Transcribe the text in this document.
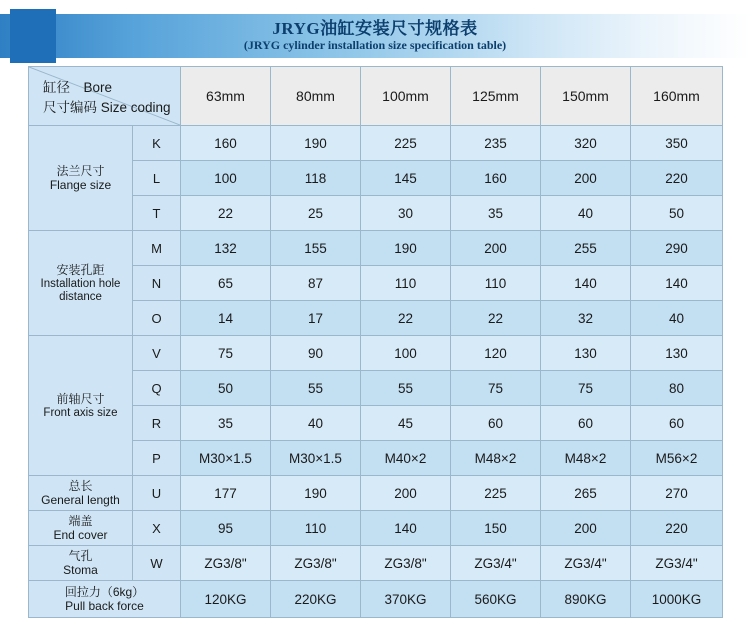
JRYG油缸安装尺寸规格表
(JRYG cylinder installation size specification table)
缸径　Bore
尺寸编码 Size coding		63mm	80mm	100mm	125mm	150mm	160mm

法兰尺寸
Flange size	K	160	190	225	235	320	350
	L	100	118	145	160	200	220
	T	22	25	30	35	40	50

安装孔距
Installation hole distance	M	132	155	190	200	255	290
	N	65	87	110	110	140	140
	O	14	17	22	22	32	40

前轴尺寸
Front axis size	V	75	90	100	120	130	130
	Q	50	55	55	75	75	80
	R	35	40	45	60	60	60
	P	M30×1.5	M30×1.5	M40×2	M48×2	M48×2	M56×2

总长
General length	U	177	190	200	225	265	270

端盖
End cover	X	95	110	140	150	200	220

气孔
Stoma	W	ZG3/8"	ZG3/8"	ZG3/8"	ZG3/4"	ZG3/4"	ZG3/4"

回拉力（6kg）
Pull back force		120KG	220KG	370KG	560KG	890KG	1000KG
